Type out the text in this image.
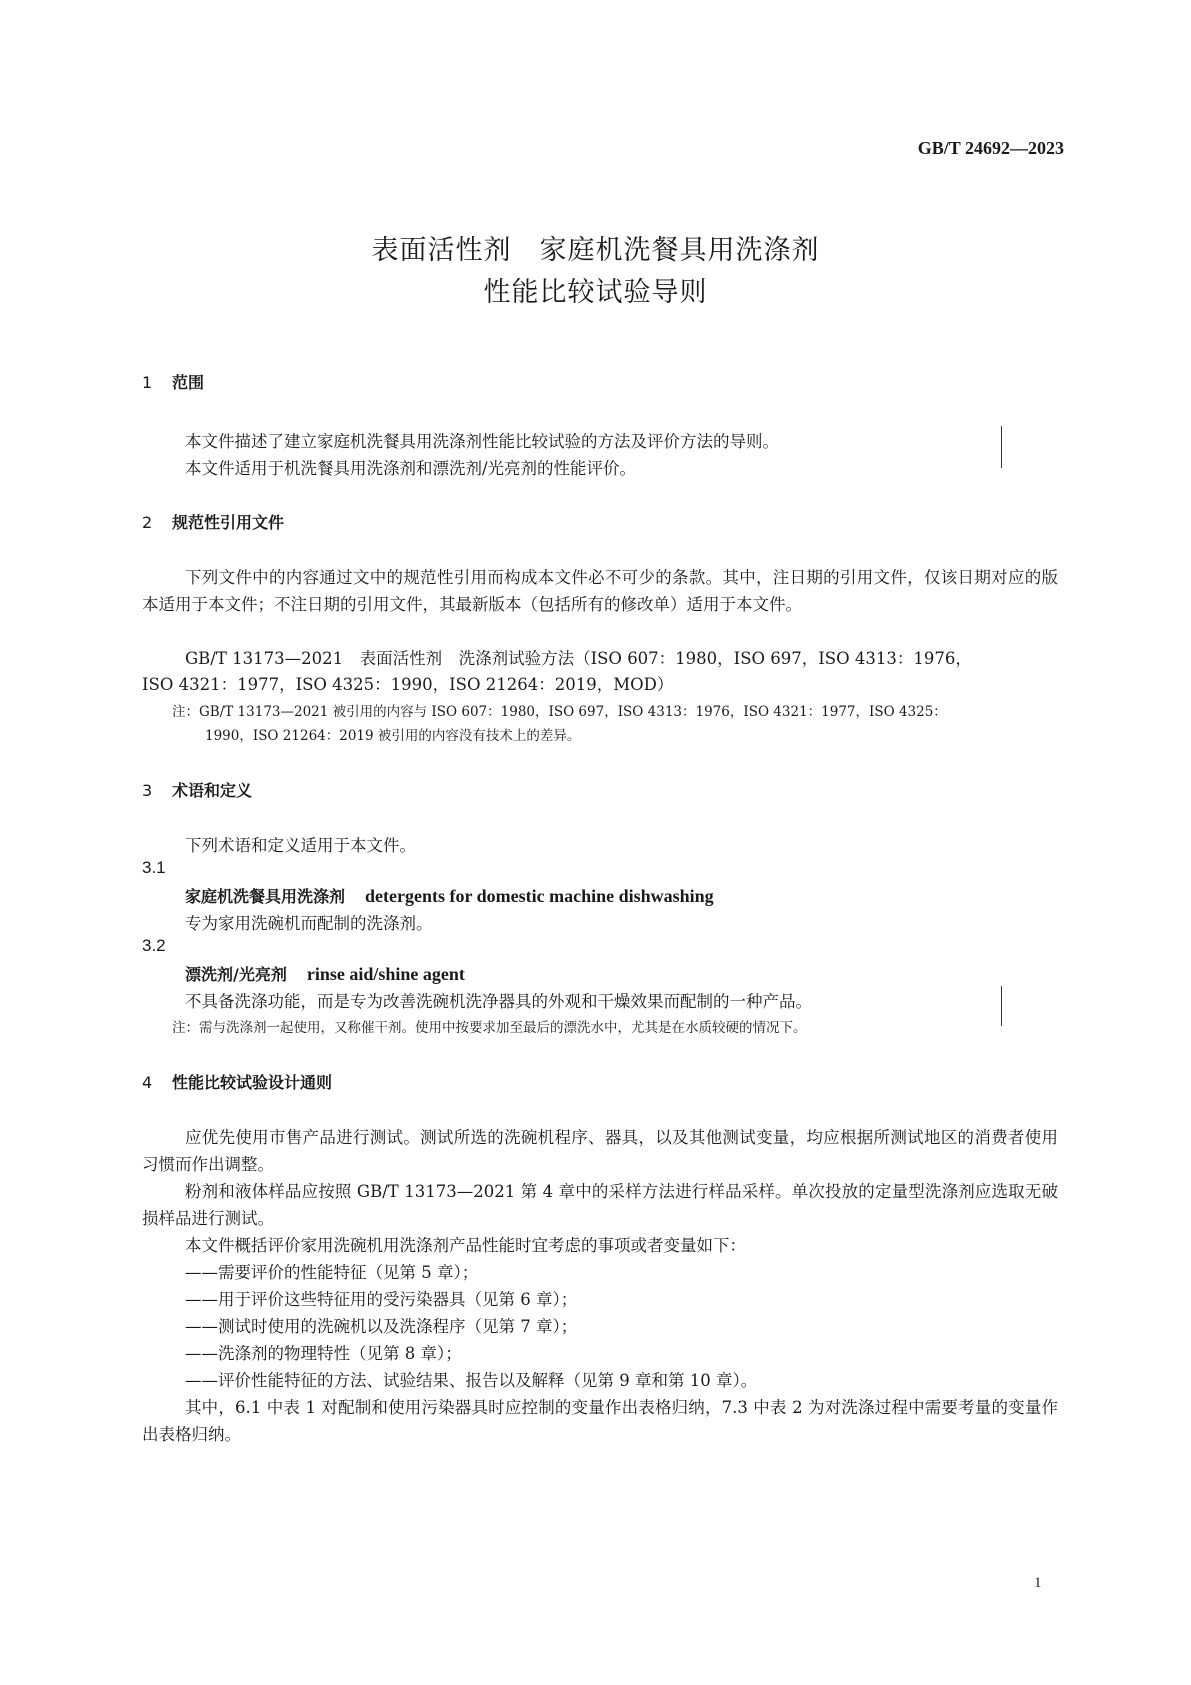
GB/T 24692—2023
表面活性剂　家庭机洗餐具用洗涤剂
性能比较试验导则
1 范围
本文件描述了建立家庭机洗餐具用洗涤剂性能比较试验的方法及评价方法的导则。
本文件适用于机洗餐具用洗涤剂和漂洗剂/光亮剂的性能评价。
2 规范性引用文件
下列文件中的内容通过文中的规范性引用而构成本文件必不可少的条款。其中，注日期的引用文件，仅该日期对应的版本适用于本文件；不注日期的引用文件，其最新版本（包括所有的修改单）适用于本文件。
GB/T 13173—2021　表面活性剂　洗涤剂试验方法（ISO 607：1980，ISO 697，ISO 4313：1976，
ISO 4321：1977，ISO 4325：1990，ISO 21264：2019，MOD）
注：GB/T 13173—2021 被引用的内容与 ISO 607：1980，ISO 697，ISO 4313：1976，ISO 4321：1977，ISO 4325：
1990，ISO 21264：2019 被引用的内容没有技术上的差异。
3 术语和定义
下列术语和定义适用于本文件。
3.1
家庭机洗餐具用洗涤剂 detergents for domestic machine dishwashing
专为家用洗碗机而配制的洗涤剂。
3.2
漂洗剂/光亮剂 rinse aid/shine agent
不具备洗涤功能，而是专为改善洗碗机洗净器具的外观和干燥效果而配制的一种产品。
注：需与洗涤剂一起使用，又称催干剂。使用中按要求加至最后的漂洗水中，尤其是在水质较硬的情况下。
4 性能比较试验设计通则
应优先使用市售产品进行测试。测试所选的洗碗机程序、器具，以及其他测试变量，均应根据所测试地区的消费者使用习惯而作出调整。
粉剂和液体样品应按照 GB/T 13173—2021 第 4 章中的采样方法进行样品采样。单次投放的定量型洗涤剂应选取无破损样品进行测试。
本文件概括评价家用洗碗机用洗涤剂产品性能时宜考虑的事项或者变量如下：
——需要评价的性能特征（见第 5 章）；
——用于评价这些特征用的受污染器具（见第 6 章）；
——测试时使用的洗碗机以及洗涤程序（见第 7 章）；
——洗涤剂的物理特性（见第 8 章）；
——评价性能特征的方法、试验结果、报告以及解释（见第 9 章和第 10 章）。
其中，6.1 中表 1 对配制和使用污染器具时应控制的变量作出表格归纳，7.3 中表 2 为对洗涤过程中需要考量的变量作出表格归纳。
1
